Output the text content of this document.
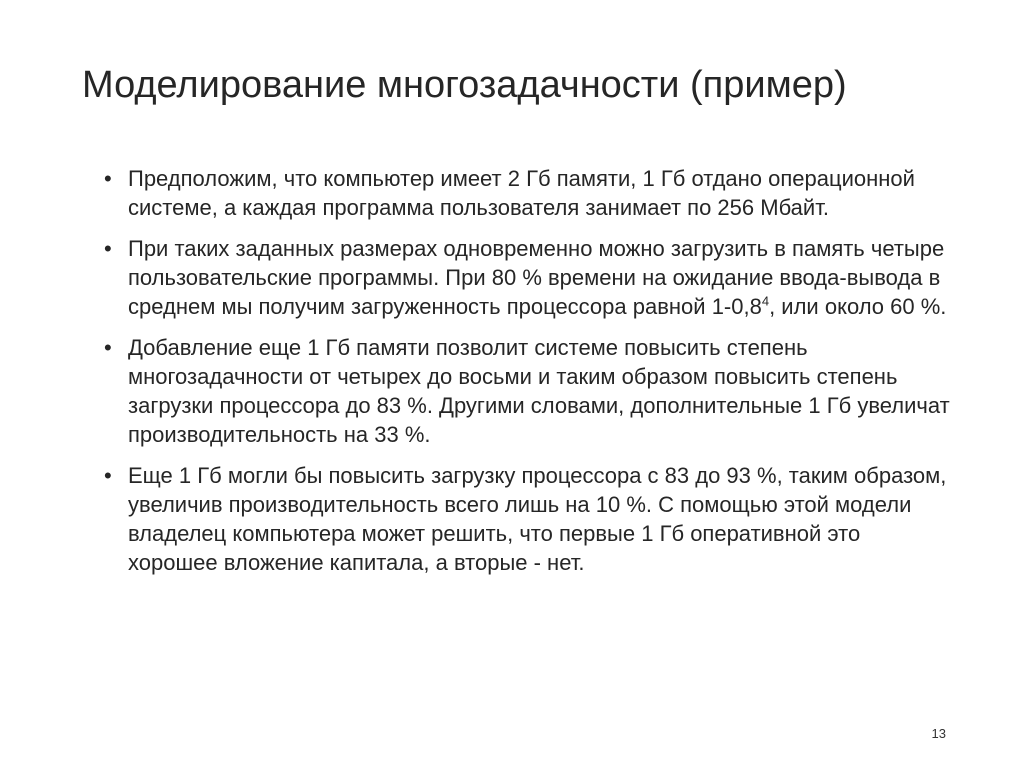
Моделирование многозадачности (пример)
• Предположим, что компьютер имеет 2 Гб памяти, 1 Гб отдано операционной системе, а каждая программа пользователя занимает по 256 Мбайт.
• При таких заданных размерах одновременно можно загрузить в память четыре пользовательские программы. При 80 % времени на ожидание ввода-вывода в среднем мы получим загруженность процессора равной $1-0,8^4$, или около 60 %.
• Добавление еще 1 Гб памяти позволит системе повысить степень многозадачности от четырех до восьми и таким образом повысить степень загрузки процессора до 83 %. Другими словами, дополнительные 1 Гб увеличат производительность на 33 %.
• Еще 1 Гб могли бы повысить загрузку процессора с 83 до 93 %, таким образом, увеличив производительность всего лишь на 10 %. С помощью этой модели владелец компьютера может решить, что первые 1 Гб оперативной это хорошее вложение капитала, а вторые - нет.
13
